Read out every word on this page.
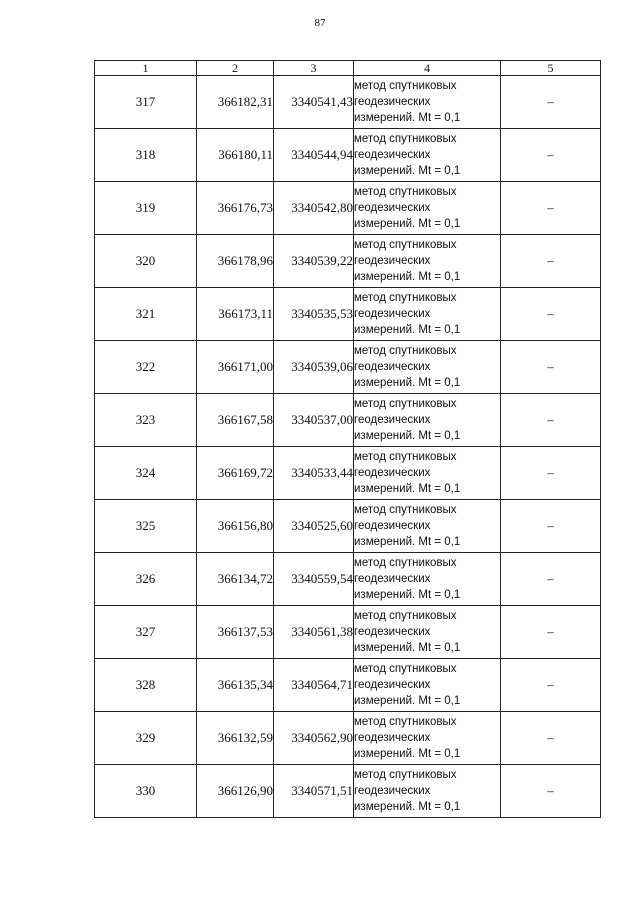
87
1	2	3	4	5
317	366182,31	3340541,43	метод спутниковых
геодезических
измерений. Mt = 0,1	–
318	366180,11	3340544,94	метод спутниковых
геодезических
измерений. Mt = 0,1	–
319	366176,73	3340542,80	метод спутниковых
геодезических
измерений. Mt = 0,1	–
320	366178,96	3340539,22	метод спутниковых
геодезических
измерений. Mt = 0,1	–
321	366173,11	3340535,53	метод спутниковых
геодезических
измерений. Mt = 0,1	–
322	366171,00	3340539,06	метод спутниковых
геодезических
измерений. Mt = 0,1	–
323	366167,58	3340537,00	метод спутниковых
геодезических
измерений. Mt = 0,1	–
324	366169,72	3340533,44	метод спутниковых
геодезических
измерений. Mt = 0,1	–
325	366156,80	3340525,60	метод спутниковых
геодезических
измерений. Mt = 0,1	–
326	366134,72	3340559,54	метод спутниковых
геодезических
измерений. Mt = 0,1	–
327	366137,53	3340561,38	метод спутниковых
геодезических
измерений. Mt = 0,1	–
328	366135,34	3340564,71	метод спутниковых
геодезических
измерений. Mt = 0,1	–
329	366132,59	3340562,90	метод спутниковых
геодезических
измерений. Mt = 0,1	–
330	366126,90	3340571,51	метод спутниковых
геодезических
измерений. Mt = 0,1	–
